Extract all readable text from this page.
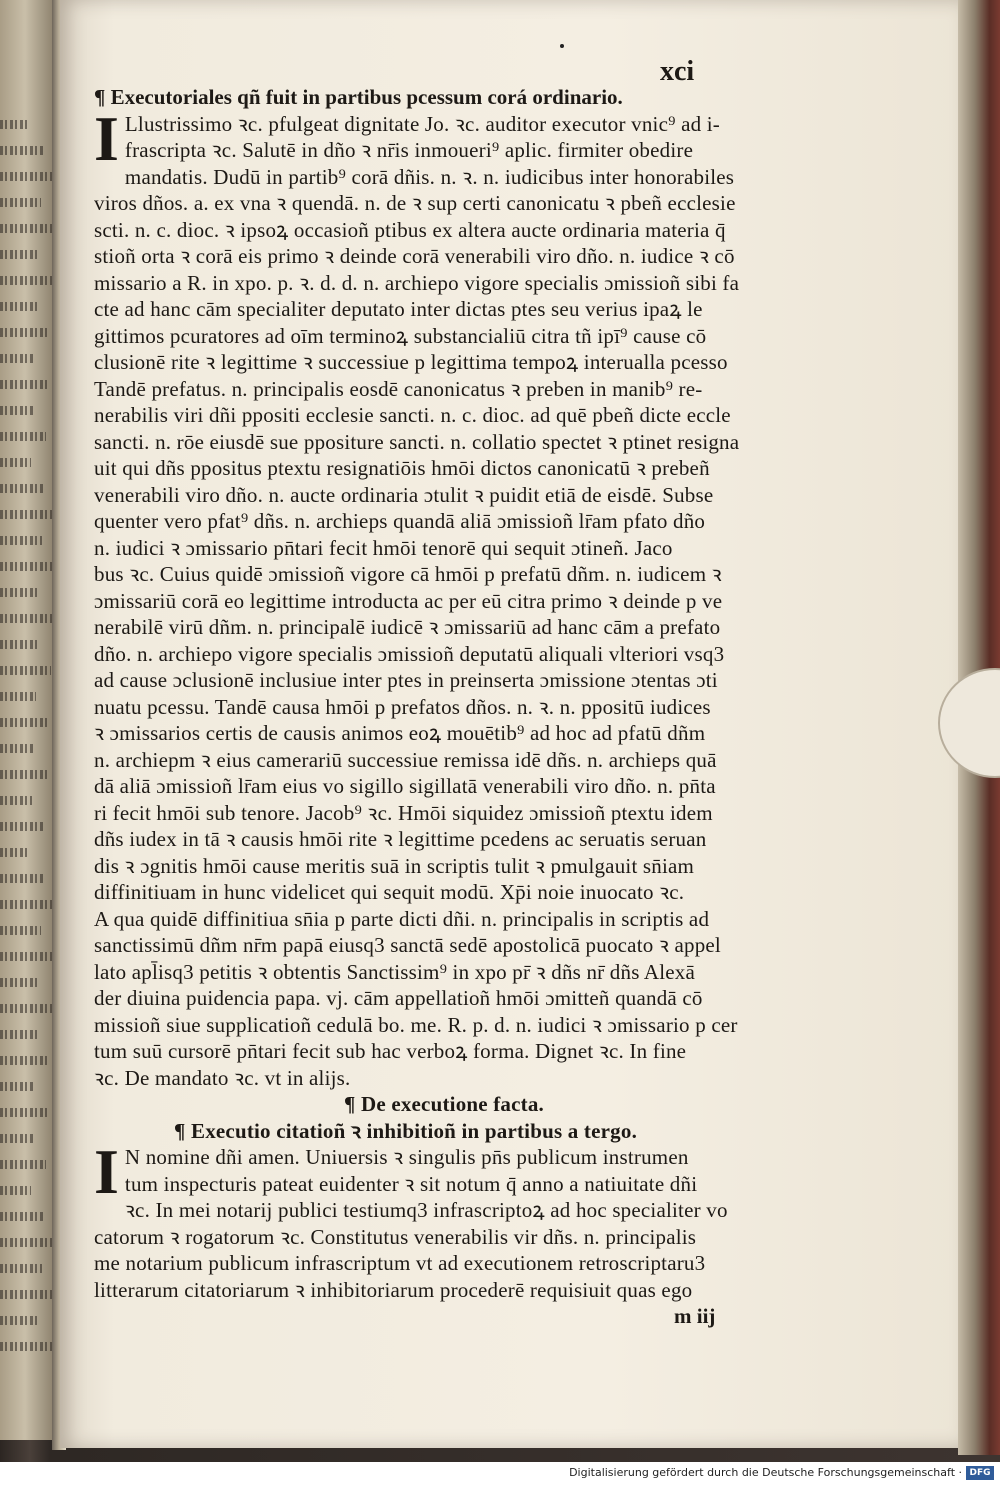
xci
¶ Executoriales qñ fuit in partibus pcessum corá ordinario.
I Llustrissimo ꝛc. pfulgeat dignitate Jo. ꝛc. auditor executor vnic⁹ ad i-
frascripta ꝛc. Salutē in dño ꝛ nr̄is inmoueri⁹ aplic. firmiter obedire
mandatis. Dudū in partib⁹ corā dñis. n. ꝛ. n. iudicibus inter honorabiles
viros dños. a. ex vna ꝛ quendā. n. de ꝛ sup certi canonicatu ꝛ pbeñ ecclesie
scti. n. c. dioc. ꝛ ipsoꝝ occasioñ ptibus ex altera aucte ordinaria materia q̄
stioñ orta ꝛ corā eis primo ꝛ deinde corā venerabili viro dño. n. iudice ꝛ cō
missario a R. in xpo. p. ꝛ. d. d. n. archiepo vigore specialis ɔmissioñ sibi fa
cte ad hanc cām specialiter deputato inter dictas ptes seu verius ipaꝝ le
gittimos pcuratores ad oīm terminoꝝ substancialiū citra tñ ipī⁹ cause cō
clusionē rite ꝛ legittime ꝛ successiue p legittima tempoꝝ interualla pcesso
Tandē prefatus. n. principalis eosdē canonicatus ꝛ preben in manib⁹ re-
nerabilis viri dñi ppositi ecclesie sancti. n. c. dioc. ad quē pbeñ dicte eccle
sancti. n. rōe eiusdē sue ppositure sancti. n. collatio spectet ꝛ ptinet resigna
uit qui dñs ppositus ptextu resignatiōis hmōi dictos canonicatū ꝛ prebeñ
venerabili viro dño. n. aucte ordinaria ɔtulit ꝛ puidit etiā de eisdē. Subse
quenter vero pfat⁹ dñs. n. archieps quandā aliā ɔmissioñ lr̄am pfato dño
n. iudici ꝛ ɔmissario pn̄tari fecit hmōi tenorē qui sequit ɔtineñ. Jaco
bus ꝛc. Cuius quidē ɔmissioñ vigore cā hmōi p prefatū dñm. n. iudicem ꝛ
ɔmissariū corā eo legittime introducta ac per eū citra primo ꝛ deinde p ve
nerabilē virū dñm. n. principalē iudicē ꝛ ɔmissariū ad hanc cām a prefato
dño. n. archiepo vigore specialis ɔmissioñ deputatū aliquali vlteriori vsq3
ad cause ɔclusionē inclusiue inter ptes in preinserta ɔmissione ɔtentas ɔti
nuatu pcessu. Tandē causa hmōi p prefatos dños. n. ꝛ. n. ppositū iudices
ꝛ ɔmissarios certis de causis animos eoꝝ mouētib⁹ ad hoc ad pfatū dñm
n. archiepm ꝛ eius camerariū successiue remissa idē dñs. n. archieps quā
dā aliā ɔmissioñ lr̄am eius vo sigillo sigillatā venerabili viro dño. n. pn̄ta
ri fecit hmōi sub tenore. Jacob⁹ ꝛc. Hmōi siquidez ɔmissioñ ptextu idem
dñs iudex in tā ꝛ causis hmōi rite ꝛ legittime pcedens ac seruatis seruan
dis ꝛ ɔgnitis hmōi cause meritis suā in scriptis tulit ꝛ pmulgauit sn̄iam
diffinitiuam in hunc videlicet qui sequit modū. Xp̄i noie inuocato ꝛc.
A qua quidē diffinitiua sn̄ia p parte dicti dñi. n. principalis in scriptis ad
sanctissimū dñm nr̄m papā eiusq3 sanctā sedē apostolicā puocato ꝛ appel
lato apl̄isq3 petitis ꝛ obtentis Sanctissim⁹ in xpo pr̄ ꝛ dñs nr̄ dñs Alexā
der diuina puidencia papa. vj. cām appellatioñ hmōi ɔmitteñ quandā cō
missioñ siue supplicatioñ cedulā bo. me. R. p. d. n. iudici ꝛ ɔmissario p cer
tum suū cursorē pn̄tari fecit sub hac verboꝝ forma. Dignet ꝛc. In fine
ꝛc. De mandato ꝛc. vt in alijs.
¶ De executione facta.
¶ Executio citatioñ ꝛ inhibitioñ in partibus a tergo.
I N nomine dñi amen. Uniuersis ꝛ singulis pn̄s publicum instrumen
tum inspecturis pateat euidenter ꝛ sit notum q̄ anno a natiuitate dñi
ꝛc. In mei notarij publici testiumq3 infrascriptoꝝ ad hoc specialiter vo
catorum ꝛ rogatorum ꝛc. Constitutus venerabilis vir dñs. n. principalis
me notarium publicum infrascriptum vt ad executionem retroscriptaru3
litterarum citatoriarum ꝛ inhibitoriarum procederē requisiuit quas ego
m iij
Digitalisierung gefördert durch die Deutsche Forschungsgemeinschaft · DFG
